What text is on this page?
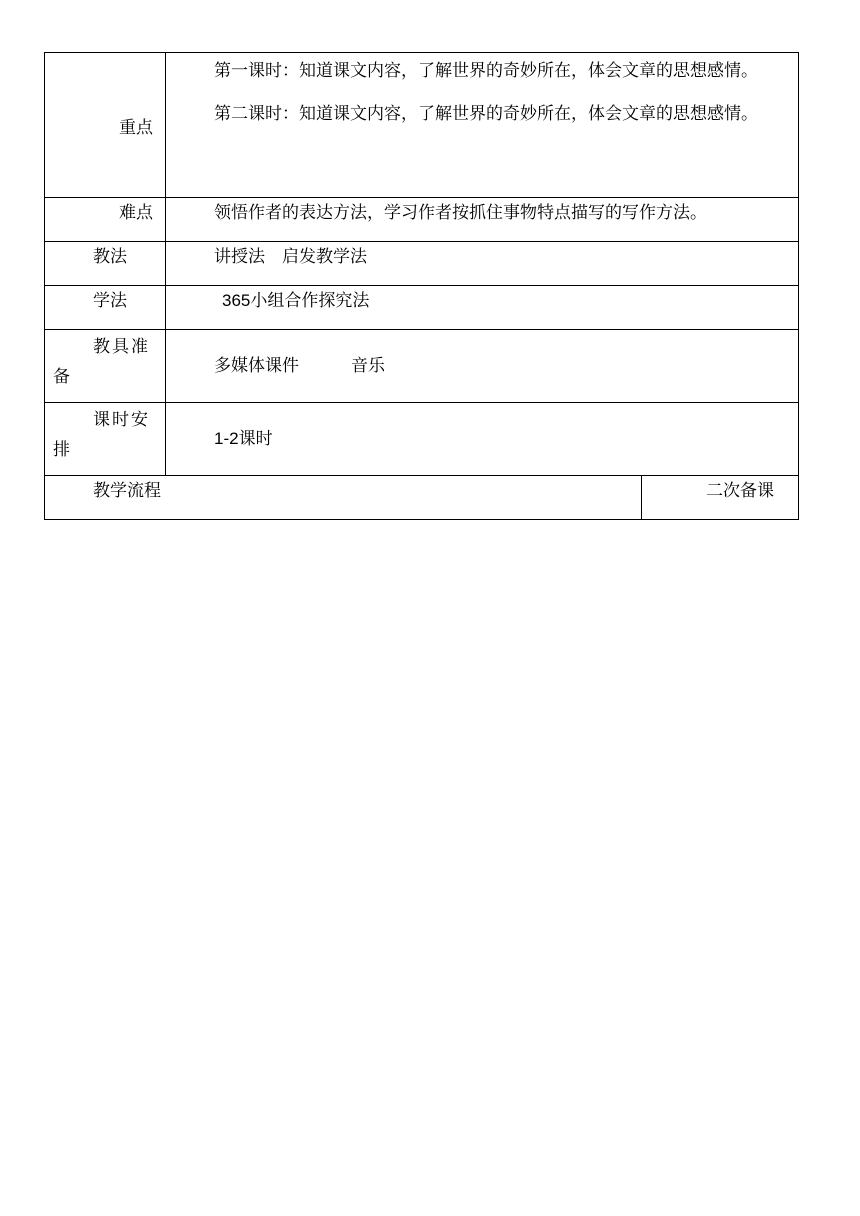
重点	第一课时：知道课文内容，了解世界的奇妙所在，体会文章的思想感情。

第二课时：知道课文内容，了解世界的奇妙所在，体会文章的思想感情。	

难点	领悟作者的表达方法，学习作者按抓住事物特点描写的写作方法。	

教法	讲授法　启发教学法	

学法	365小组合作探究法	

教具准备	多媒体课件 音乐	

课时安排	1-2课时	

教学流程		二次备课
